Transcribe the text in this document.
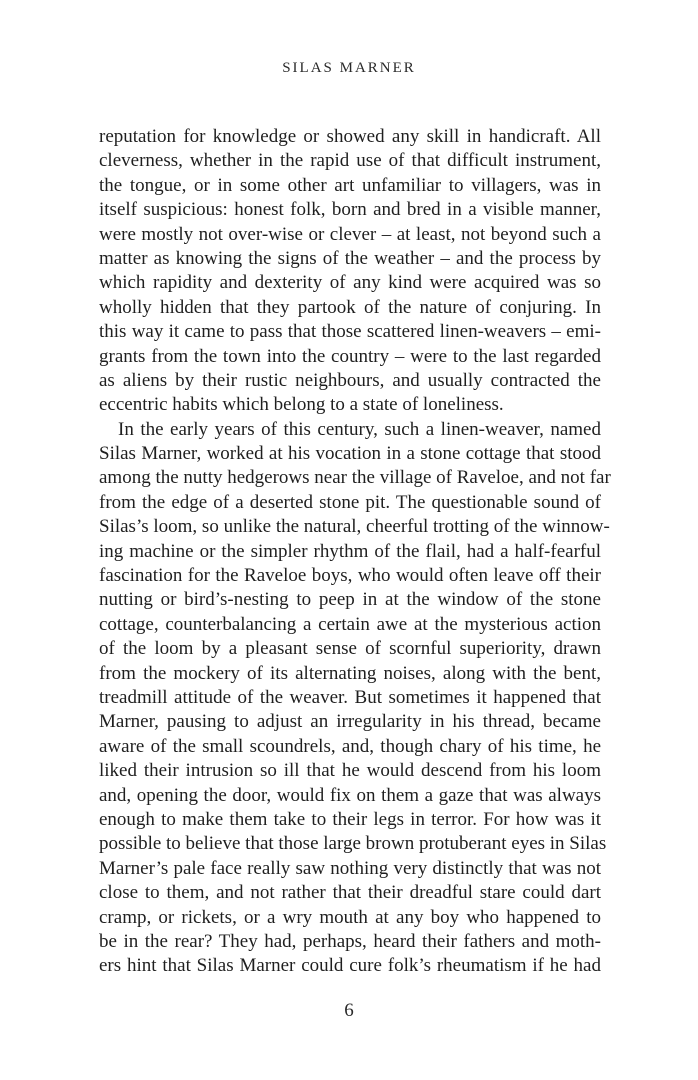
SILAS MARNER
reputation for knowledge or showed any skill in handicraft. All
cleverness, whether in the rapid use of that difficult instrument,
the tongue, or in some other art unfamiliar to villagers, was in
itself suspicious: honest folk, born and bred in a visible manner,
were mostly not over-wise or clever – at least, not beyond such a
matter as knowing the signs of the weather – and the process by
which rapidity and dexterity of any kind were acquired was so
wholly hidden that they partook of the nature of conjuring. In
this way it came to pass that those scattered linen-weavers – emi-
grants from the town into the country – were to the last regarded
as aliens by their rustic neighbours, and usually contracted the
eccentric habits which belong to a state of loneliness.
In the early years of this century, such a linen-weaver, named
Silas Marner, worked at his vocation in a stone cottage that stood
among the nutty hedgerows near the village of Raveloe, and not far
from the edge of a deserted stone pit. The questionable sound of
Silas’s loom, so unlike the natural, cheerful trotting of the winnow-
ing machine or the simpler rhythm of the flail, had a half-fearful
fascination for the Raveloe boys, who would often leave off their
nutting or bird’s-nesting to peep in at the window of the stone
cottage, counterbalancing a certain awe at the mysterious action
of the loom by a pleasant sense of scornful superiority, drawn
from the mockery of its alternating noises, along with the bent,
treadmill attitude of the weaver. But sometimes it happened that
Marner, pausing to adjust an irregularity in his thread, became
aware of the small scoundrels, and, though chary of his time, he
liked their intrusion so ill that he would descend from his loom
and, opening the door, would fix on them a gaze that was always
enough to make them take to their legs in terror. For how was it
possible to believe that those large brown protuberant eyes in Silas
Marner’s pale face really saw nothing very distinctly that was not
close to them, and not rather that their dreadful stare could dart
cramp, or rickets, or a wry mouth at any boy who happened to
be in the rear? They had, perhaps, heard their fathers and moth-
ers hint that Silas Marner could cure folk’s rheumatism if he had
6
